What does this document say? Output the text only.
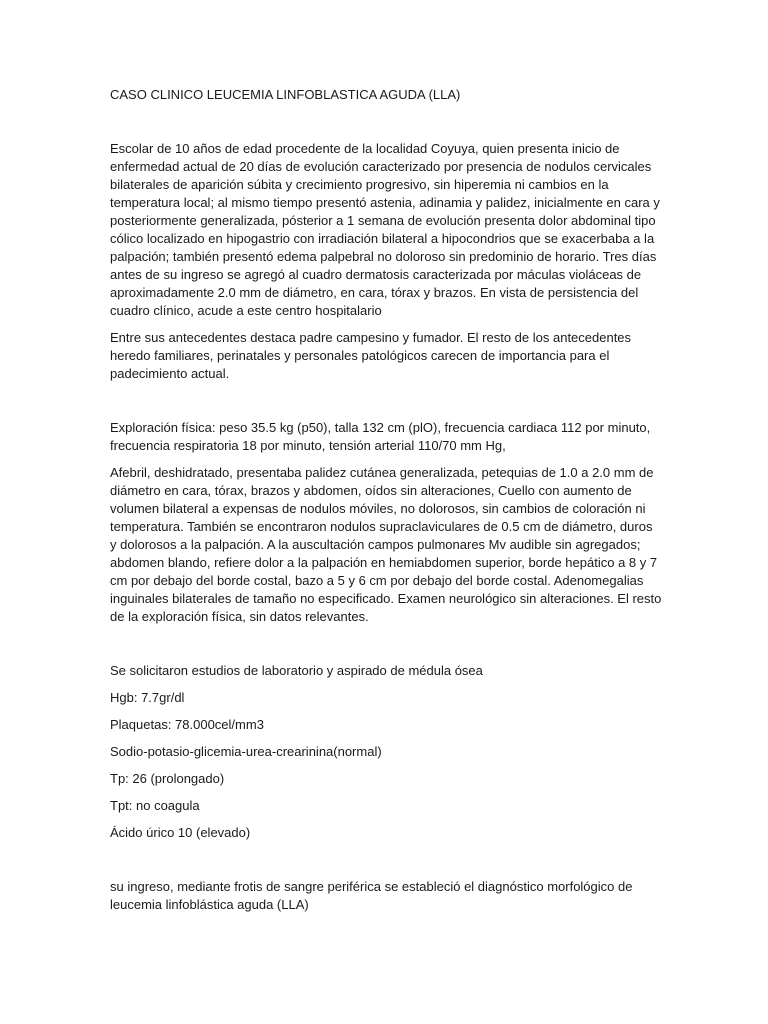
CASO CLINICO LEUCEMIA LINFOBLASTICA AGUDA (LLA)

Escolar de 10 años de edad procedente de la localidad Coyuya, quien presenta inicio de enfermedad actual de 20 días de evolución caracterizado por presencia de nodulos cervicales bilaterales de aparición súbita y crecimiento progresivo, sin hiperemia ni cambios en la temperatura local; al mismo tiempo presentó astenia, adinamia y palidez, inicialmente en cara y posteriormente generalizada, pósterior a 1 semana de evolución presenta dolor abdominal tipo cólico localizado en hipogastrio con irradiación bilateral a hipocondrios que se exacerbaba a la palpación; también presentó edema palpebral no doloroso sin predominio de horario. Tres días antes de su ingreso se agregó al cuadro dermatosis caracterizada por máculas violáceas de aproximadamente 2.0 mm de diámetro, en cara, tórax y brazos. En vista de persistencia del cuadro clínico, acude a este centro hospitalario

Entre sus antecedentes destaca padre campesino y fumador. El resto de los antecedentes heredo familiares, perinatales y personales patológicos carecen de importancia para el padecimiento actual.

Exploración física: peso 35.5 kg (p50), talla 132 cm (plO), frecuencia cardiaca 112 por minuto, frecuencia respiratoria 18 por minuto, tensión arterial 110/70 mm Hg,

Afebril, deshidratado, presentaba palidez cutánea generalizada, petequias de 1.0 a 2.0 mm de diámetro en cara, tórax, brazos y abdomen, oídos sin alteraciones, Cuello con aumento de volumen bilateral a expensas de nodulos móviles, no dolorosos, sin cambios de coloración ni temperatura. También se encontraron nodulos supraclaviculares de 0.5 cm de diámetro, duros y dolorosos a la palpación. A la auscultación campos pulmonares Mv audible sin agregados; abdomen blando, refiere dolor a la palpación en hemiabdomen superior, borde hepático a 8 y 7 cm por debajo del borde costal, bazo a 5 y 6 cm por debajo del borde costal. Adenomegalias inguinales bilaterales de tamaño no especificado. Examen neurológico sin alteraciones. El resto de la exploración física, sin datos relevantes.

Se solicitaron estudios de laboratorio y aspirado de médula ósea

Hgb: 7.7gr/dl

Plaquetas: 78.000cel/mm3

Sodio-potasio-glicemia-urea-crearinina(normal)

Tp: 26 (prolongado)

Tpt: no coagula

Ácido úrico 10 (elevado)

su ingreso, mediante frotis de sangre periférica se estableció el diagnóstico morfológico de leucemia linfoblástica aguda (LLA)
